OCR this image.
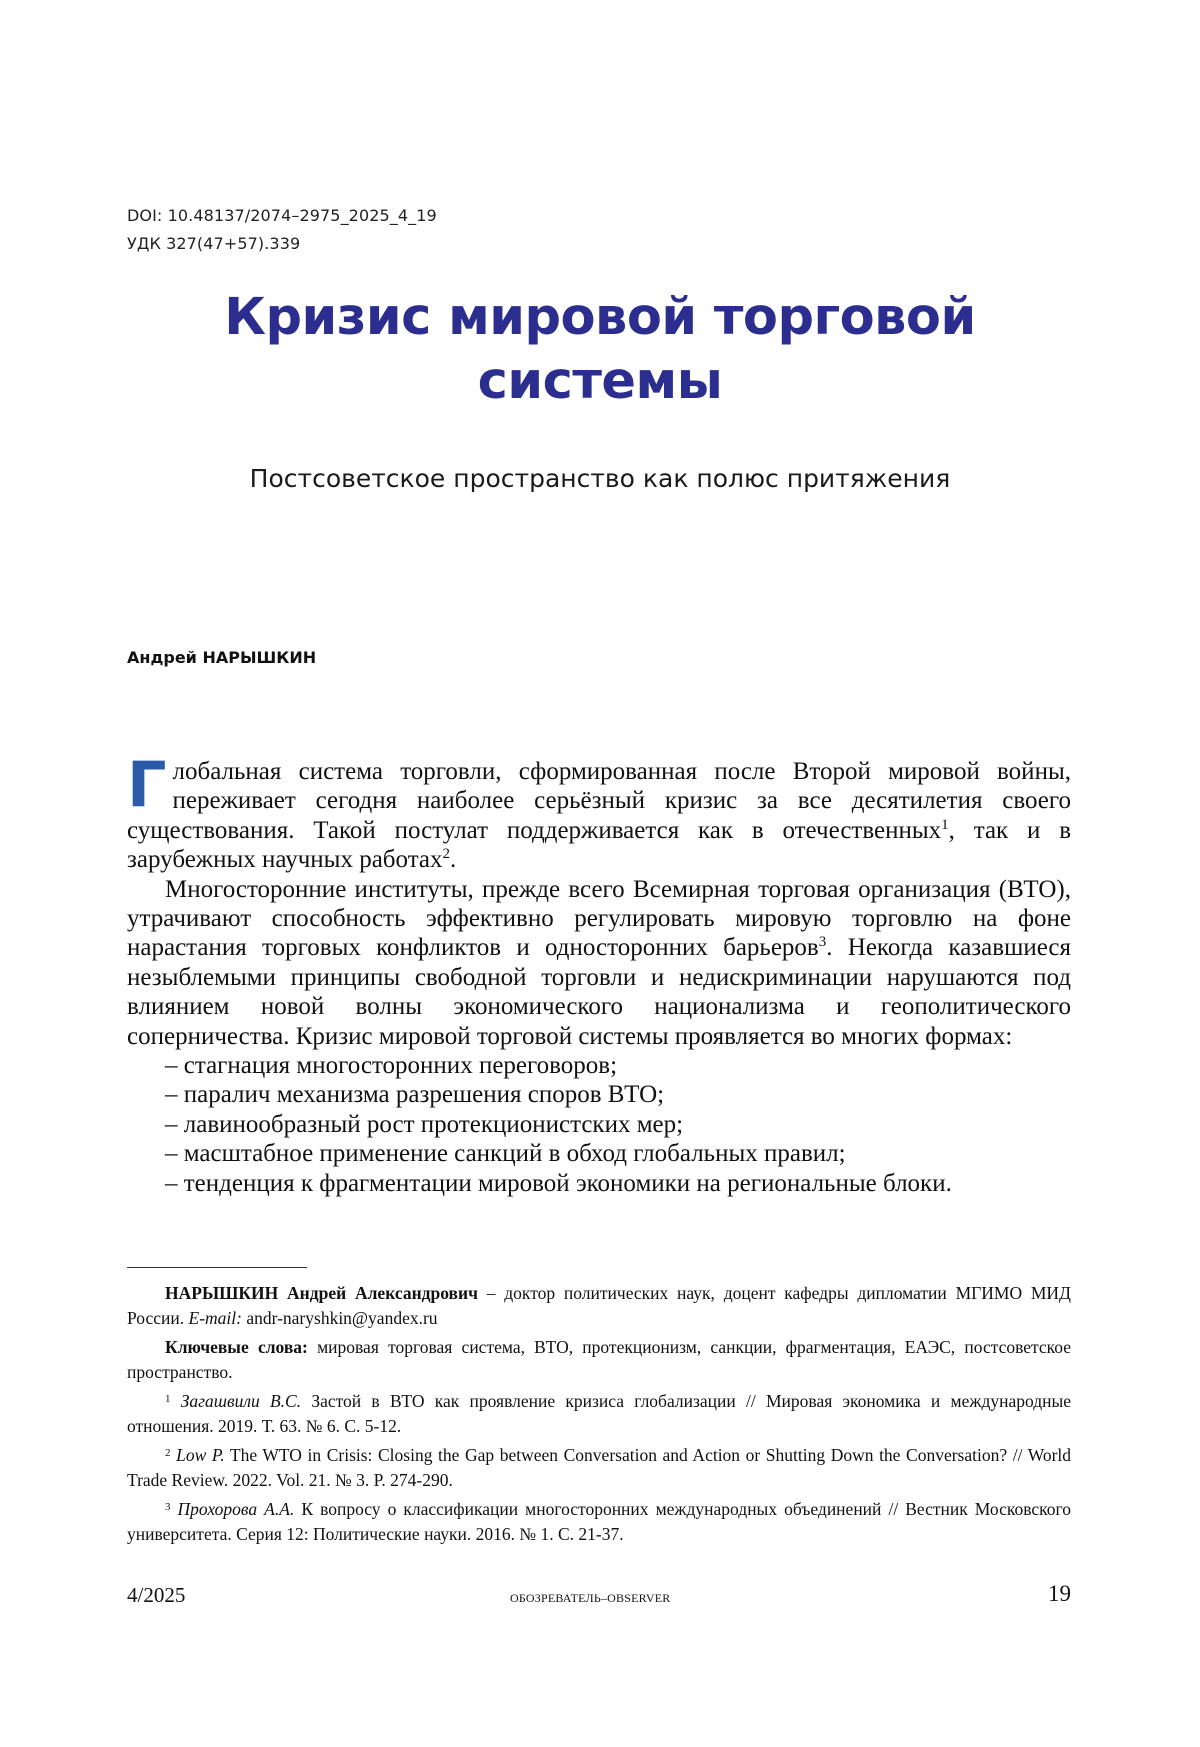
DOI: 10.48137/2074–2975_2025_4_19
УДК 327(47+57).339
Кризис мировой торговой
системы
Постсоветское пространство как полюс притяжения
Андрей НАРЫШКИН

Г лобальная система торговли, сформированная после Второй мировой войны, переживает сегодня наиболее серьёзный кризис за все десятилетия своего существования. Такой постулат поддерживается как в отечественных1, так и в зарубежных научных работах2.

Многосторонние институты, прежде всего Всемирная торговая организация (ВТО), утрачивают способность эффективно регулировать мировую торговлю на фоне нарастания торговых конфликтов и односторонних барьеров3. Некогда казавшиеся незыблемыми принципы свободной торговли и недискриминации нарушаются под влиянием новой волны экономического национализма и геополитического соперничества. Кризис мировой торговой системы проявляется во многих формах:

– стагнация многосторонних переговоров;
– паралич механизма разрешения споров ВТО;
– лавинообразный рост протекционистских мер;
– масштабное применение санкций в обход глобальных правил;
– тенденция к фрагментации мировой экономики на региональные блоки.

НАРЫШКИН Андрей Александрович – доктор политических наук, доцент кафедры дипломатии МГИМО МИД России. E-mail: andr-naryshkin@yandex.ru

Ключевые слова: мировая торговая система, ВТО, протекционизм, санкции, фрагментация, ЕАЭС, постсоветское пространство.

1 Загашвили В.С. Застой в ВТО как проявление кризиса глобализации // Мировая экономика и международные отношения. 2019. Т. 63. № 6. С. 5-12.

2 Low P. The WTO in Crisis: Closing the Gap between Conversation and Action or Shutting Down the Conversation? // World Trade Review. 2022. Vol. 21. № 3. P. 274-290.

3 Прохорова А.А. К вопросу о классификации многосторонних международных объединений // Вестник Московского университета. Серия 12: Политические науки. 2016. № 1. С. 21-37.

4/2025	ОБОЗРЕВАТЕЛЬ–OBSERVER	19
